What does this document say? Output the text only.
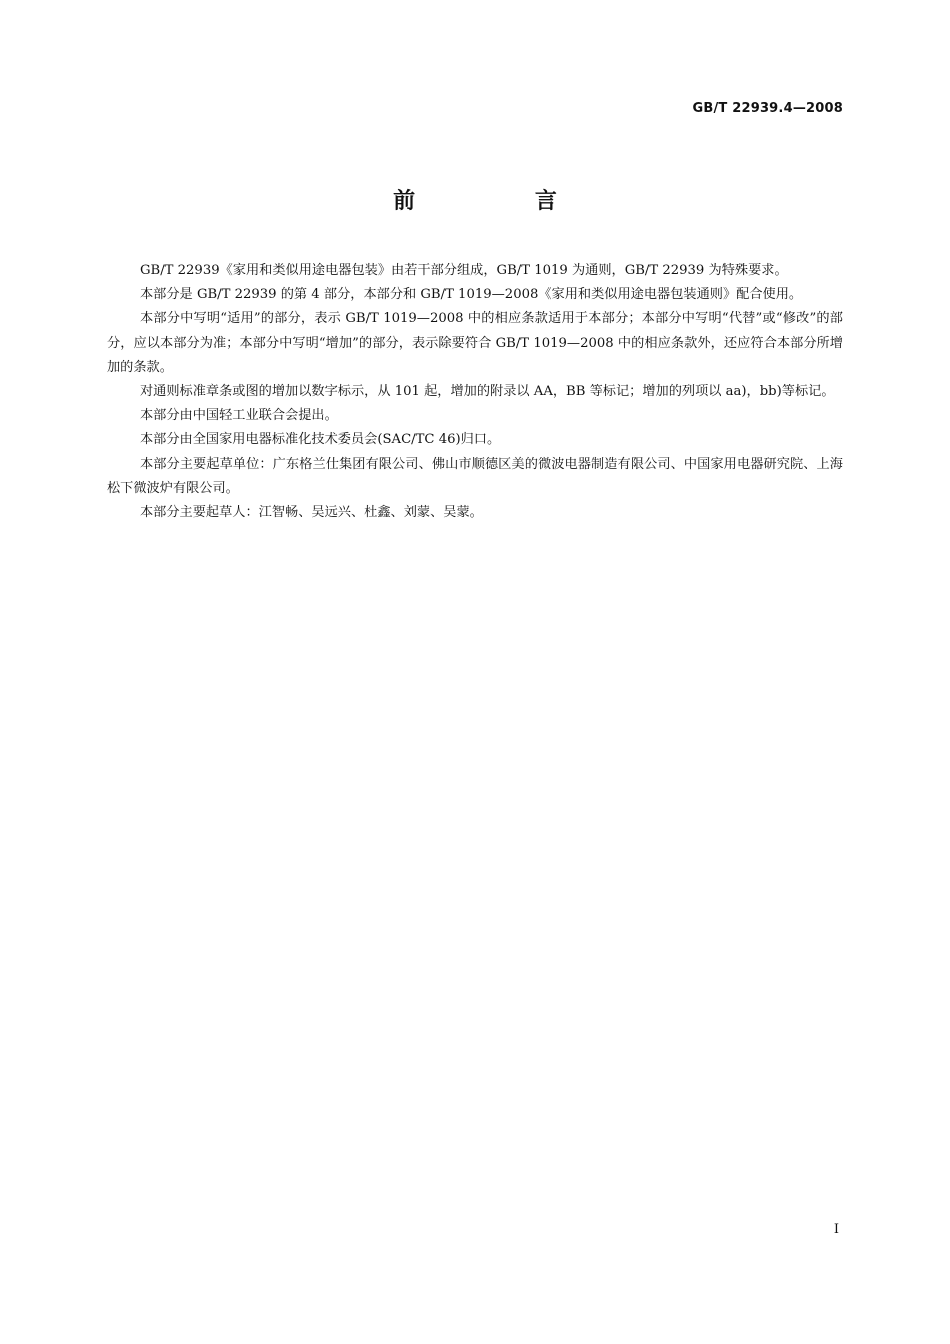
GB/T 22939.4—2008
前 言

GB/T 22939《家用和类似用途电器包装》由若干部分组成，GB/T 1019 为通则，GB/T 22939 为特殊要求。

本部分是 GB/T 22939 的第 4 部分，本部分和 GB/T 1019—2008《家用和类似用途电器包装通则》配合使用。

本部分中写明“适用”的部分，表示 GB/T 1019—2008 中的相应条款适用于本部分；本部分中写明“代替”或“修改”的部分，应以本部分为准；本部分中写明“增加”的部分，表示除要符合 GB/T 1019—2008 中的相应条款外，还应符合本部分所增加的条款。

对通则标准章条或图的增加以数字标示，从 101 起，增加的附录以 AA，BB 等标记；增加的列项以 aa)，bb)等标记。

本部分由中国轻工业联合会提出。

本部分由全国家用电器标准化技术委员会(SAC/TC 46)归口。

本部分主要起草单位：广东格兰仕集团有限公司、佛山市顺德区美的微波电器制造有限公司、中国家用电器研究院、上海松下微波炉有限公司。

本部分主要起草人：江智畅、吴远兴、杜鑫、刘蒙、吴蒙。

I
